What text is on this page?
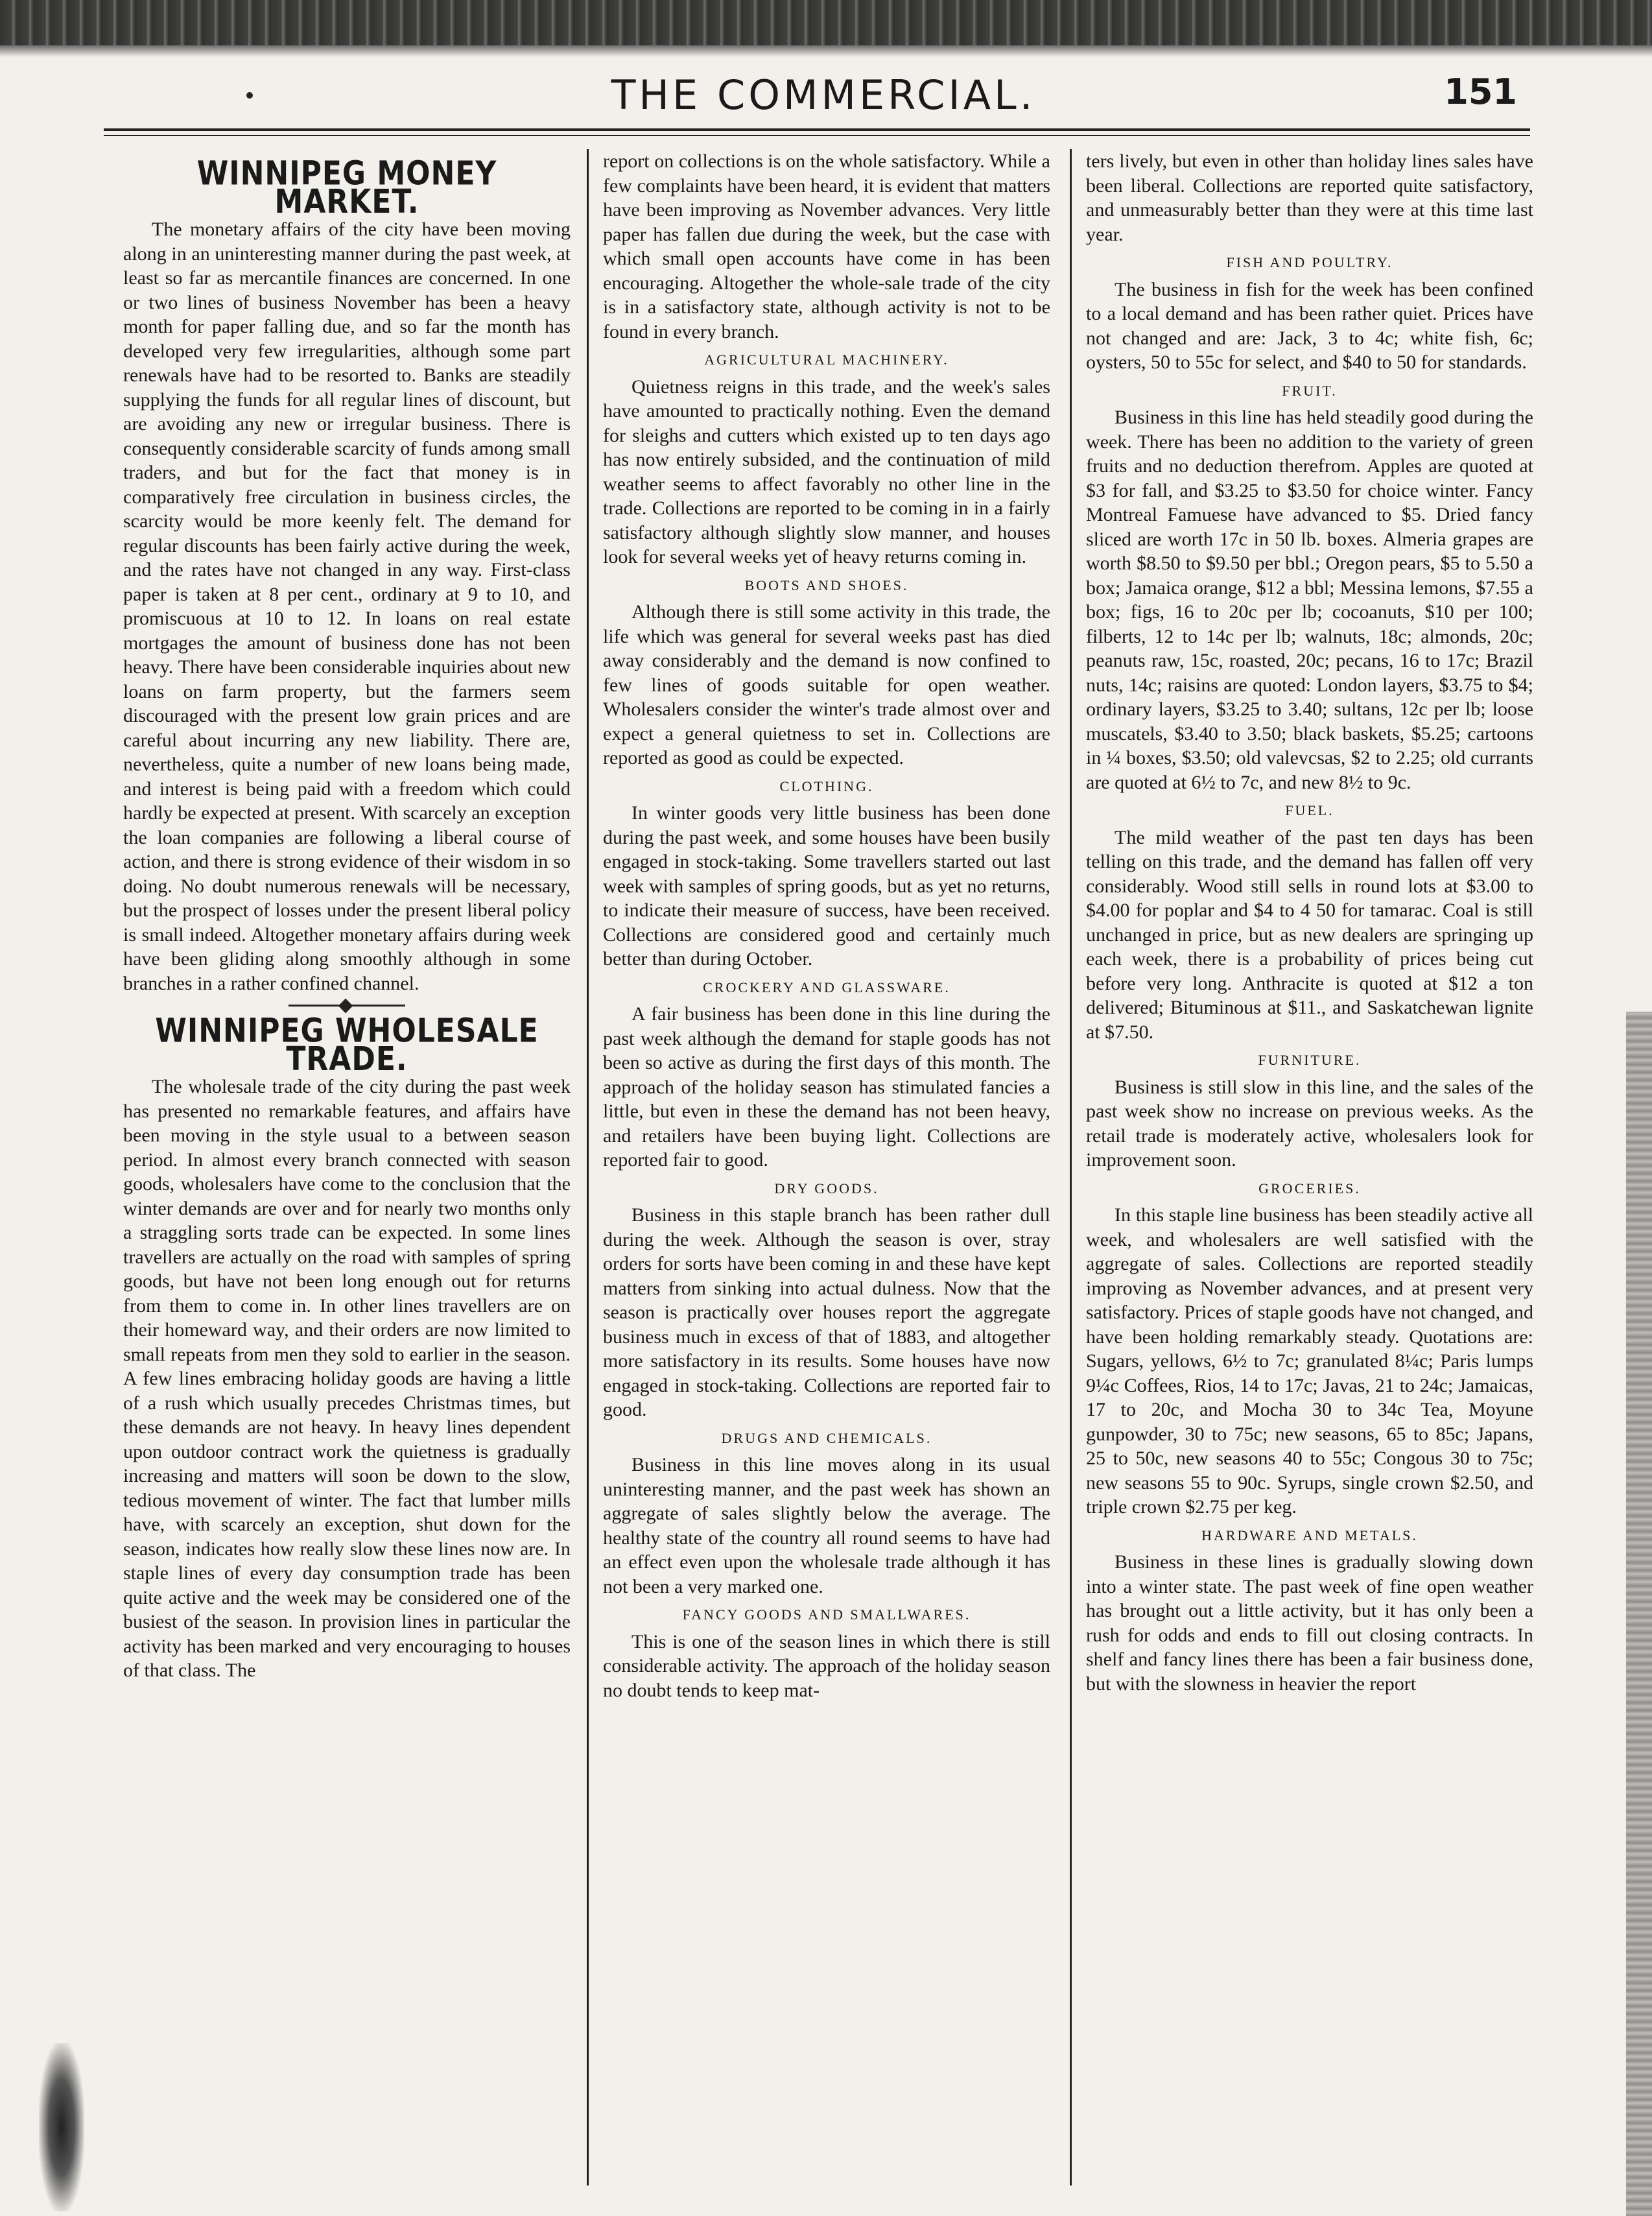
THE COMMERCIAL.	151
WINNIPEG MONEY MARKET.

The monetary affairs of the city have been moving along in an uninteresting manner during the past week, at least so far as mercantile finances are concerned. In one or two lines of business November has been a heavy month for paper falling due, and so far the month has developed very few irregularities, although some part renewals have had to be resorted to. Banks are steadily supplying the funds for all regular lines of discount, but are avoiding any new or irregular business. There is consequently considerable scarcity of funds among small traders, and but for the fact that money is in comparatively free circulation in business circles, the scarcity would be more keenly felt. The demand for regular discounts has been fairly active during the week, and the rates have not changed in any way. First-class paper is taken at 8 per cent., ordinary at 9 to 10, and promiscuous at 10 to 12. In loans on real estate mortgages the amount of business done has not been heavy. There have been considerable inquiries about new loans on farm property, but the farmers seem discouraged with the present low grain prices and are careful about incurring any new liability. There are, nevertheless, quite a number of new loans being made, and interest is being paid with a freedom which could hardly be expected at present. With scarcely an exception the loan companies are following a liberal course of action, and there is strong evidence of their wisdom in so doing. No doubt numerous renewals will be necessary, but the prospect of losses under the present liberal policy is small indeed. Altogether monetary affairs during week have been gliding along smoothly although in some branches in a rather confined channel.

WINNIPEG WHOLESALE TRADE.

The wholesale trade of the city during the past week has presented no remarkable features, and affairs have been moving in the style usual to a between season period. In almost every branch connected with season goods, wholesalers have come to the conclusion that the winter demands are over and for nearly two months only a straggling sorts trade can be expected. In some lines travellers are actually on the road with samples of spring goods, but have not been long enough out for returns from them to come in. In other lines travellers are on their homeward way, and their orders are now limited to small repeats from men they sold to earlier in the season. A few lines embracing holiday goods are having a little of a rush which usually precedes Christmas times, but these demands are not heavy. In heavy lines dependent upon outdoor contract work the quietness is gradually increasing and matters will soon be down to the slow, tedious movement of winter. The fact that lumber mills have, with scarcely an exception, shut down for the season, indicates how really slow these lines now are. In staple lines of every day consumption trade has been quite active and the week may be considered one of the busiest of the season. In provision lines in particular the activity has been marked and very encouraging to houses of that class. The

report on collections is on the whole satisfactory. While a few complaints have been heard, it is evident that matters have been improving as November advances. Very little paper has fallen due during the week, but the case with which small open accounts have come in has been encouraging. Altogether the whole-sale trade of the city is in a satisfactory state, although activity is not to be found in every branch.

AGRICULTURAL MACHINERY.

Quietness reigns in this trade, and the week's sales have amounted to practically nothing. Even the demand for sleighs and cutters which existed up to ten days ago has now entirely subsided, and the continuation of mild weather seems to affect favorably no other line in the trade. Collections are reported to be coming in in a fairly satisfactory although slightly slow manner, and houses look for several weeks yet of heavy returns coming in.

BOOTS AND SHOES.

Although there is still some activity in this trade, the life which was general for several weeks past has died away considerably and the demand is now confined to few lines of goods suitable for open weather. Wholesalers consider the winter's trade almost over and expect a general quietness to set in. Collections are reported as good as could be expected.

CLOTHING.

In winter goods very little business has been done during the past week, and some houses have been busily engaged in stock-taking. Some travellers started out last week with samples of spring goods, but as yet no returns, to indicate their measure of success, have been received. Collections are considered good and certainly much better than during October.

CROCKERY AND GLASSWARE.

A fair business has been done in this line during the past week although the demand for staple goods has not been so active as during the first days of this month. The approach of the holiday season has stimulated fancies a little, but even in these the demand has not been heavy, and retailers have been buying light. Collections are reported fair to good.

DRY GOODS.

Business in this staple branch has been rather dull during the week. Although the season is over, stray orders for sorts have been coming in and these have kept matters from sinking into actual dulness. Now that the season is practically over houses report the aggregate business much in excess of that of 1883, and altogether more satisfactory in its results. Some houses have now engaged in stock-taking. Collections are reported fair to good.

DRUGS AND CHEMICALS.

Business in this line moves along in its usual uninteresting manner, and the past week has shown an aggregate of sales slightly below the average. The healthy state of the country all round seems to have had an effect even upon the wholesale trade although it has not been a very marked one.

FANCY GOODS AND SMALLWARES.

This is one of the season lines in which there is still considerable activity. The approach of the holiday season no doubt tends to keep mat-

ters lively, but even in other than holiday lines sales have been liberal. Collections are reported quite satisfactory, and unmeasurably better than they were at this time last year.

FISH AND POULTRY.

The business in fish for the week has been confined to a local demand and has been rather quiet. Prices have not changed and are: Jack, 3 to 4c; white fish, 6c; oysters, 50 to 55c for select, and $40 to 50 for standards.

FRUIT.

Business in this line has held steadily good during the week. There has been no addition to the variety of green fruits and no deduction therefrom. Apples are quoted at $3 for fall, and $3.25 to $3.50 for choice winter. Fancy Montreal Famuese have advanced to $5. Dried fancy sliced are worth 17c in 50 lb. boxes. Almeria grapes are worth $8.50 to $9.50 per bbl.; Oregon pears, $5 to 5.50 a box; Jamaica orange, $12 a bbl; Messina lemons, $7.55 a box; figs, 16 to 20c per lb; cocoanuts, $10 per 100; filberts, 12 to 14c per lb; walnuts, 18c; almonds, 20c; peanuts raw, 15c, roasted, 20c; pecans, 16 to 17c; Brazil nuts, 14c; raisins are quoted: London layers, $3.75 to $4; ordinary layers, $3.25 to 3.40; sultans, 12c per lb; loose muscatels, $3.40 to 3.50; black baskets, $5.25; cartoons in ¼ boxes, $3.50; old valevcsas, $2 to 2.25; old currants are quoted at 6½ to 7c, and new 8½ to 9c.

FUEL.

The mild weather of the past ten days has been telling on this trade, and the demand has fallen off very considerably. Wood still sells in round lots at $3.00 to $4.00 for poplar and $4 to 4 50 for tamarac. Coal is still unchanged in price, but as new dealers are springing up each week, there is a probability of prices being cut before very long. Anthracite is quoted at $12 a ton delivered; Bituminous at $11., and Saskatchewan lignite at $7.50.

FURNITURE.

Business is still slow in this line, and the sales of the past week show no increase on previous weeks. As the retail trade is moderately active, wholesalers look for improvement soon.

GROCERIES.

In this staple line business has been steadily active all week, and wholesalers are well satisfied with the aggregate of sales. Collections are reported steadily improving as November advances, and at present very satisfactory. Prices of staple goods have not changed, and have been holding remarkably steady. Quotations are: Sugars, yellows, 6½ to 7c; granulated 8¼c; Paris lumps 9¼c Coffees, Rios, 14 to 17c; Javas, 21 to 24c; Jamaicas, 17 to 20c, and Mocha 30 to 34c Tea, Moyune gunpowder, 30 to 75c; new seasons, 65 to 85c; Japans, 25 to 50c, new seasons 40 to 55c; Congous 30 to 75c; new seasons 55 to 90c. Syrups, single crown $2.50, and triple crown $2.75 per keg.

HARDWARE AND METALS.

Business in these lines is gradually slowing down into a winter state. The past week of fine open weather has brought out a little activity, but it has only been a rush for odds and ends to fill out closing contracts. In shelf and fancy lines there has been a fair business done, but with the slowness in heavier the report
